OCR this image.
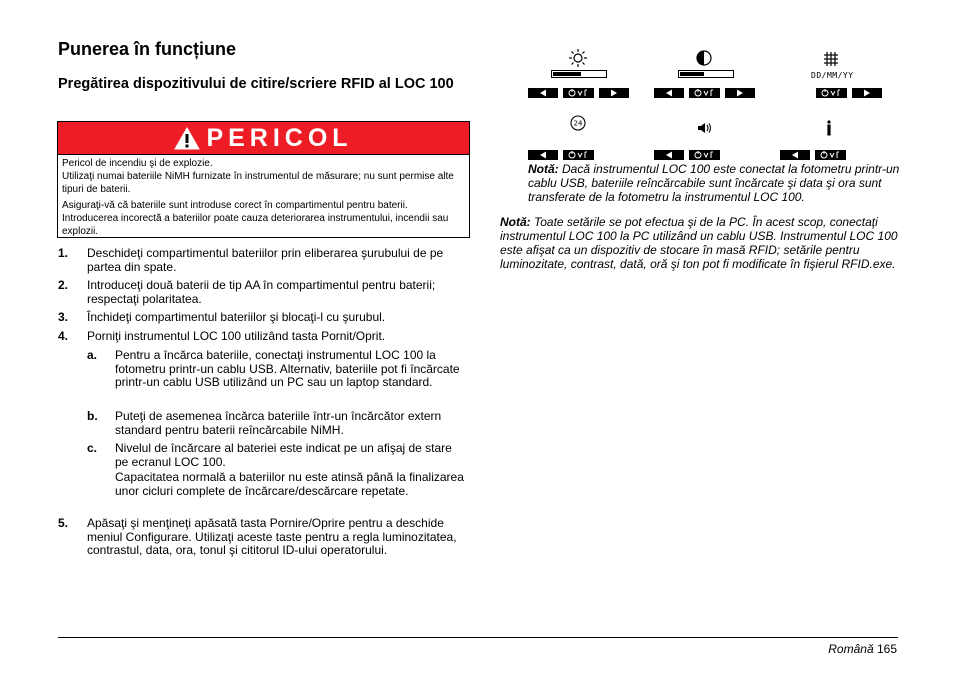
Punerea în funcțiune
Pregătirea dispozitivului de citire/scriere RFID al LOC 100
PERICOL

Pericol de incendiu şi de explozie.
Utilizaţi numai bateriile NiMH furnizate în instrumentul de măsurare; nu sunt permise alte tipuri de baterii.

Asiguraţi-vă că bateriile sunt introduse corect în compartimentul pentru baterii. Introducerea incorectă a bateriilor poate cauza deteriorarea instrumentului, incendii sau explozii.

1. Deschideţi compartimentul bateriilor prin eliberarea şurubului de pe partea din spate.
2. Introduceţi două baterii de tip AA în compartimentul pentru baterii; respectaţi polaritatea.
3. Închideţi compartimentul bateriilor şi blocaţi-l cu şurubul.
4. Porniţi instrumentul LOC 100 utilizând tasta Pornit/Oprit.
a. Pentru a încărca bateriile, conectaţi instrumentul LOC 100 la fotometru printr-un cablu USB. Alternativ, bateriile pot fi încărcate printr-un cablu USB utilizând un PC sau un laptop standard.
b. Puteţi de asemenea încărca bateriile într-un încărcător extern standard pentru baterii reîncărcabile NiMH.
c. Nivelul de încărcare al bateriei este indicat pe un afişaj de stare pe ecranul LOC 100.
Capacitatea normală a bateriilor nu este atinsă până la finalizarea unor cicluri complete de încărcare/descărcare repetate.
5. Apăsaţi şi menţineţi apăsată tasta Pornire/Oprire pentru a deschide meniul Configurare. Utilizaţi aceste taste pentru a regla luminozitatea, contrastul, data, ora, tonul şi cititorul ID-ului operatorului.
DD/MM/YY
24
Notă: Dacă instrumentul LOC 100 este conectat la fotometru printr-un cablu USB, bateriile reîncărcabile sunt încărcate şi data şi ora sunt transferate de la fotometru la instrumentul LOC 100.
Notă: Toate setările se pot efectua şi de la PC. În acest scop, conectaţi instrumentul LOC 100 la PC utilizând un cablu USB. Instrumentul LOC 100 este afişat ca un dispozitiv de stocare în masă RFID; setările pentru luminozitate, contrast, dată, oră şi ton pot fi modificate în fişierul RFID.exe.
Română 165
